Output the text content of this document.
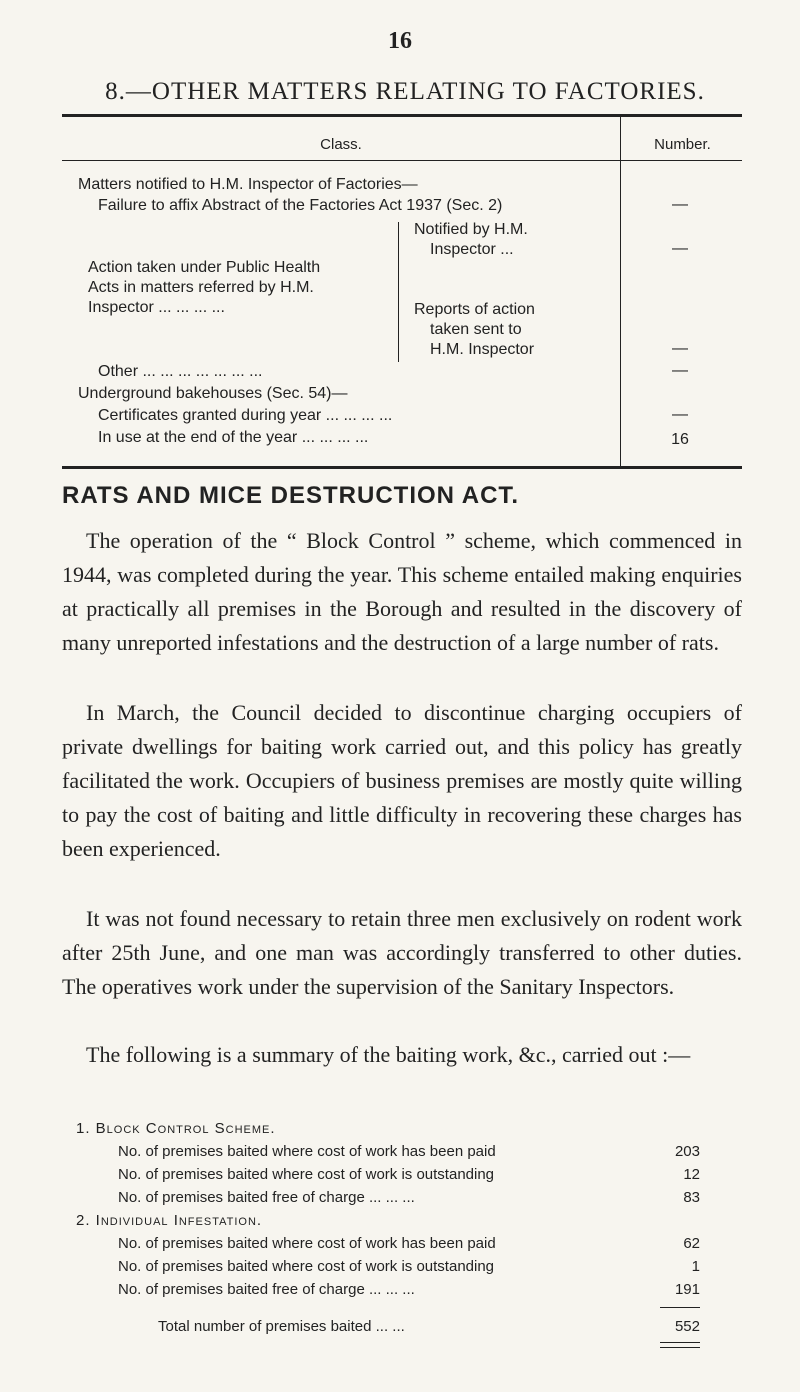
16
8.—OTHER MATTERS RELATING TO FACTORIES.
Class.	Number.
Matters notified to H.M. Inspector of Factories—
Failure to affix Abstract of the Factories Act 1937 (Sec. 2)	—
Action taken under Public Health
Acts in matters referred by H.M.
Inspector ... ... ... ...
Notified by H.M.
Inspector ...	—
Reports of action
taken sent to
H.M. Inspector	—
Other ... ... ... ... ... ... ...	—
Underground bakehouses (Sec. 54)—
Certificates granted during year ... ... ... ...	—
In use at the end of the year ... ... ... ...	16
RATS AND MICE DESTRUCTION ACT.

The operation of the “ Block Control ” scheme, which commenced in 1944, was completed during the year. This scheme entailed making enquiries at practically all premises in the Borough and resulted in the discovery of many unreported infestations and the destruction of a large number of rats.

In March, the Council decided to discontinue charging occupiers of private dwellings for baiting work carried out, and this policy has greatly facilitated the work. Occupiers of business premises are mostly quite willing to pay the cost of baiting and little difficulty in recovering these charges has been experienced.

It was not found necessary to retain three men exclusively on rodent work after 25th June, and one man was accordingly transferred to other duties. The operatives work under the supervision of the Sanitary Inspectors.

The following is a summary of the baiting work, &c., carried out :—

1. Block Control Scheme.
No. of premises baited where cost of work has been paid	203
No. of premises baited where cost of work is outstanding	12
No. of premises baited free of charge ... ... ...	83
2. Individual Infestation.
No. of premises baited where cost of work has been paid	62
No. of premises baited where cost of work is outstanding	1
No. of premises baited free of charge ... ... ...	191
Total number of premises baited ... ...	552
